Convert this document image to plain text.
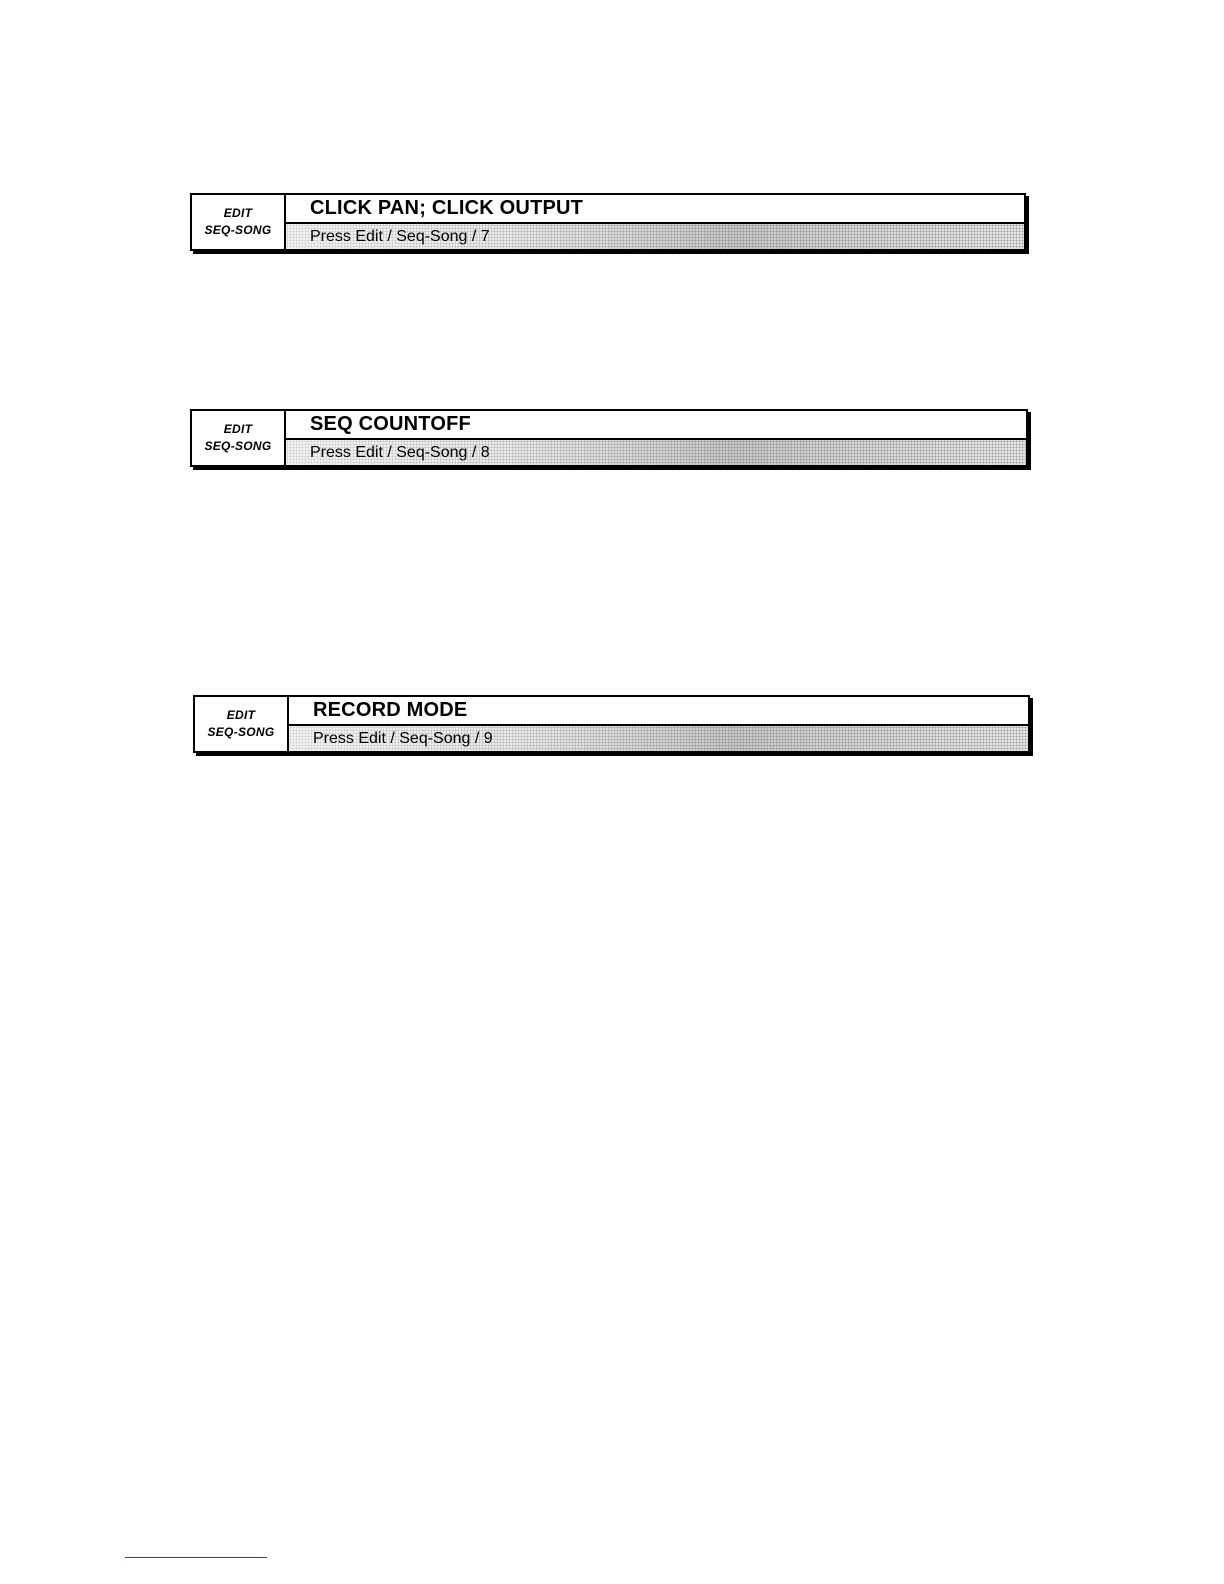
EDIT
SEQ-SONG
CLICK PAN; CLICK OUTPUT
Press Edit / Seq-Song / 7
EDIT
SEQ-SONG
SEQ COUNTOFF
Press Edit / Seq-Song / 8
EDIT
SEQ-SONG
RECORD MODE
Press Edit / Seq-Song / 9
